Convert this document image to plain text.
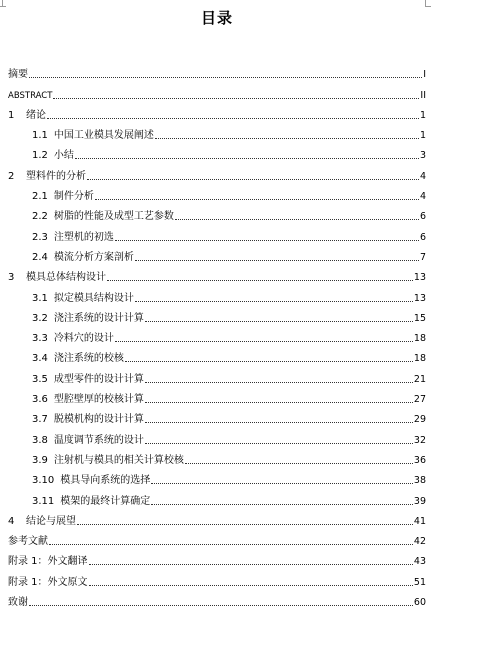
目录
摘要	I
ABSTRACT	II
1	绪论	1
1.1 中国工业模具发展阐述	1
1.2 小结	3
2	塑料件的分析	4
2.1 制件分析	4
2.2 树脂的性能及成型工艺参数	6
2.3 注塑机的初选	6
2.4 模流分析方案剖析	7
3	模具总体结构设计	13
3.1 拟定模具结构设计	13
3.2 浇注系统的设计计算	15
3.3 冷料穴的设计	18
3.4 浇注系统的校核	18
3.5 成型零件的设计计算	21
3.6 型腔壁厚的校核计算	27
3.7 脱模机构的设计计算	29
3.8 温度调节系统的设计	32
3.9 注射机与模具的相关计算校核	36
3.10 模具导向系统的选择	38
3.11 模架的最终计算确定	39
4	结论与展望	41
参考文献	42
附录 1：外文翻译	43
附录 1：外文原文	51
致谢	60
